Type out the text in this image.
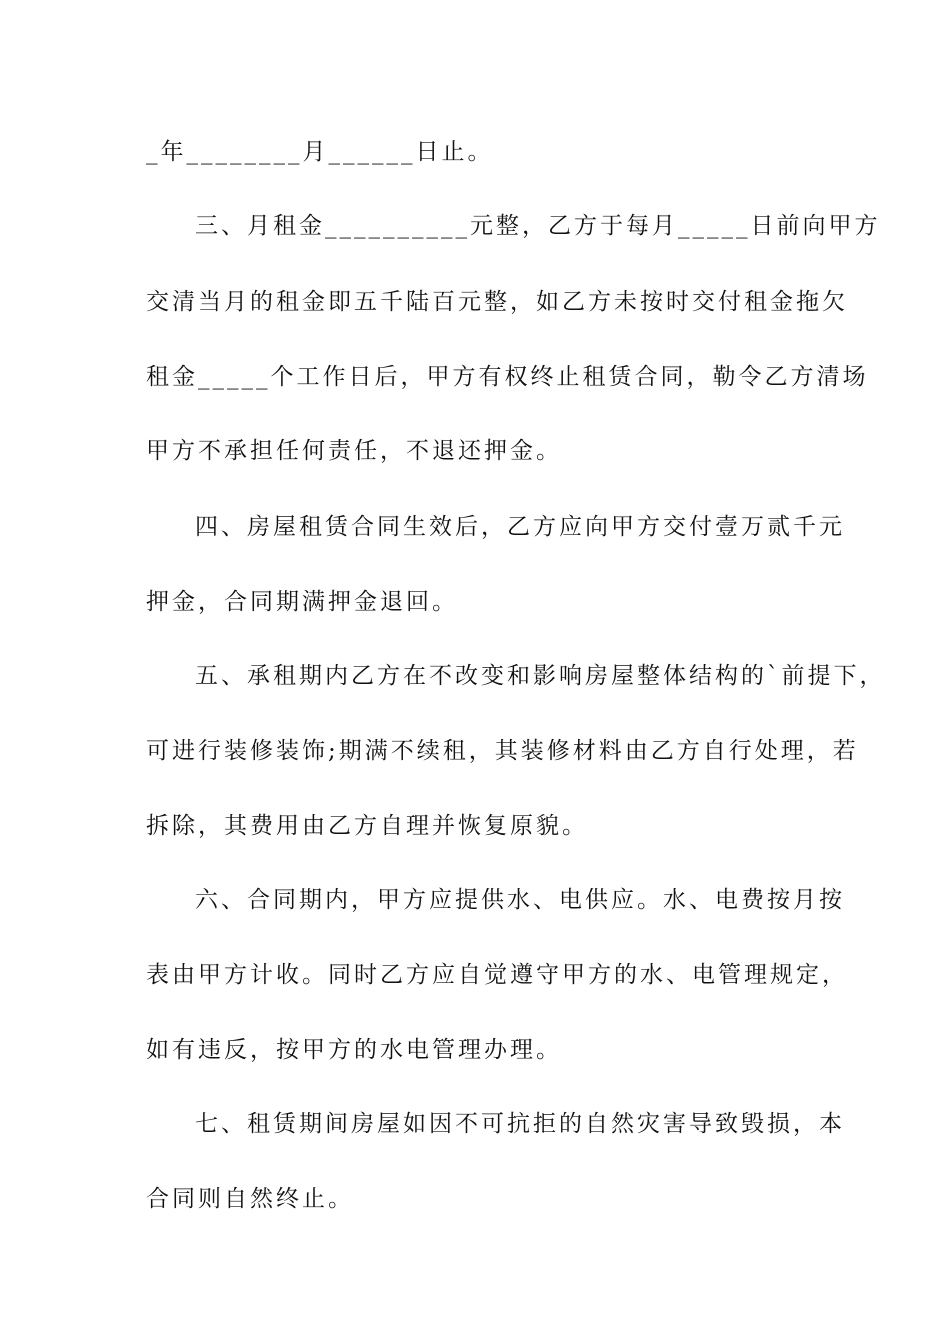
_年________月______日止。
三、月租金__________元整，乙方于每月_____日前向甲方
交清当月的租金即五千陆百元整，如乙方未按时交付租金拖欠
租金_____个工作日后，甲方有权终止租赁合同，勒令乙方清场
甲方不承担任何责任，不退还押金。
四、房屋租赁合同生效后，乙方应向甲方交付壹万贰千元
押金，合同期满押金退回。
五、承租期内乙方在不改变和影响房屋整体结构的`前提下，
可进行装修装饰;期满不续租，其装修材料由乙方自行处理，若
拆除，其费用由乙方自理并恢复原貌。
六、合同期内，甲方应提供水、电供应。水、电费按月按
表由甲方计收。同时乙方应自觉遵守甲方的水、电管理规定，
如有违反，按甲方的水电管理办理。
七、租赁期间房屋如因不可抗拒的自然灾害导致毁损，本
合同则自然终止。
